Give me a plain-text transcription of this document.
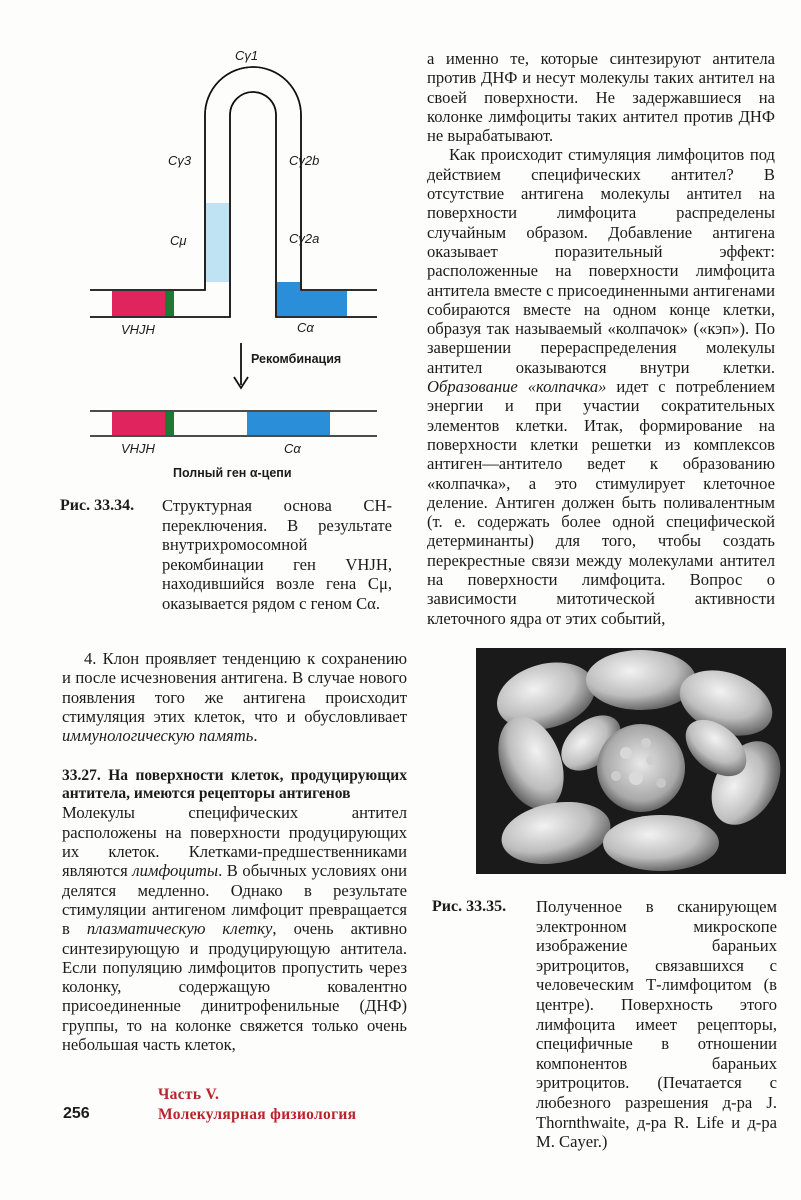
Cγ1
Cγ3	Cγ2b
Cμ	Cγ2a
VHJH	Cα
Рекомбинация
VHJH	Cα
Полный ген α-цепи
Рис. 33.34. Структурная основа CH-переключения. В результате внутрихромосомной рекомбинации ген VHJH, находившийся возле гена Cμ, оказывается рядом с геном Cα.

а именно те, которые синтезируют антитела против ДНФ и несут молекулы таких антител на своей поверхности. Не задержавшиеся на колонке лимфоциты таких антител против ДНФ не вырабатывают.

Как происходит стимуляция лимфоцитов под действием специфических антител? В отсутствие антигена молекулы антител на поверхности лимфоцита распределены случайным образом. Добавление антигена оказывает поразительный эффект: расположенные на поверхности лимфоцита антитела вместе с присоединенными антигенами собираются вместе на одном конце клетки, образуя так называемый «колпачок» («кэп»). По завершении перераспределения молекулы антител оказываются внутри клетки. Образование «колпачка» идет с потреблением энергии и при участии сократительных элементов клетки. Итак, формирование на поверхности клетки решетки из комплексов антиген—антитело ведет к образованию «колпачка», а это стимулирует клеточное деление. Антиген должен быть поливалентным (т. е. содержать более одной специфической детерминанты) для того, чтобы создать перекрестные связи между молекулами антител на поверхности лимфоцита. Вопрос о зависимости митотической активности клеточного ядра от этих событий,

4. Клон проявляет тенденцию к сохранению и после исчезновения антигена. В случае нового появления того же антигена происходит стимуляция этих клеток, что и обусловливает иммунологическую память.

33.27. На поверхности клеток, продуцирующих антитела, имеются рецепторы антигенов

Молекулы специфических антител расположены на поверхности продуцирующих их клеток. Клетками-предшественниками являются лимфоциты. В обычных условиях они делятся медленно. Однако в результате стимуляции антигеном лимфоцит превращается в плазматическую клетку, очень активно синтезирующую и продуцирующую антитела. Если популяцию лимфоцитов пропустить через колонку, содержащую ковалентно присоединенные динитрофенильные (ДНФ) группы, то на колонке свяжется только очень небольшая часть клеток,

Рис. 33.35. Полученное в сканирующем электронном микроскопе изображение бараньих эритроцитов, связавшихся с человеческим Т-лимфоцитом (в центре). Поверхность этого лимфоцита имеет рецепторы, специфичные в отношении компонентов бараньих эритроцитов. (Печатается с любезного разрешения д-ра J. Thornthwaite, д-ра R. Life и д-ра M. Cayer.)
256
Часть V.
Молекулярная физиология
